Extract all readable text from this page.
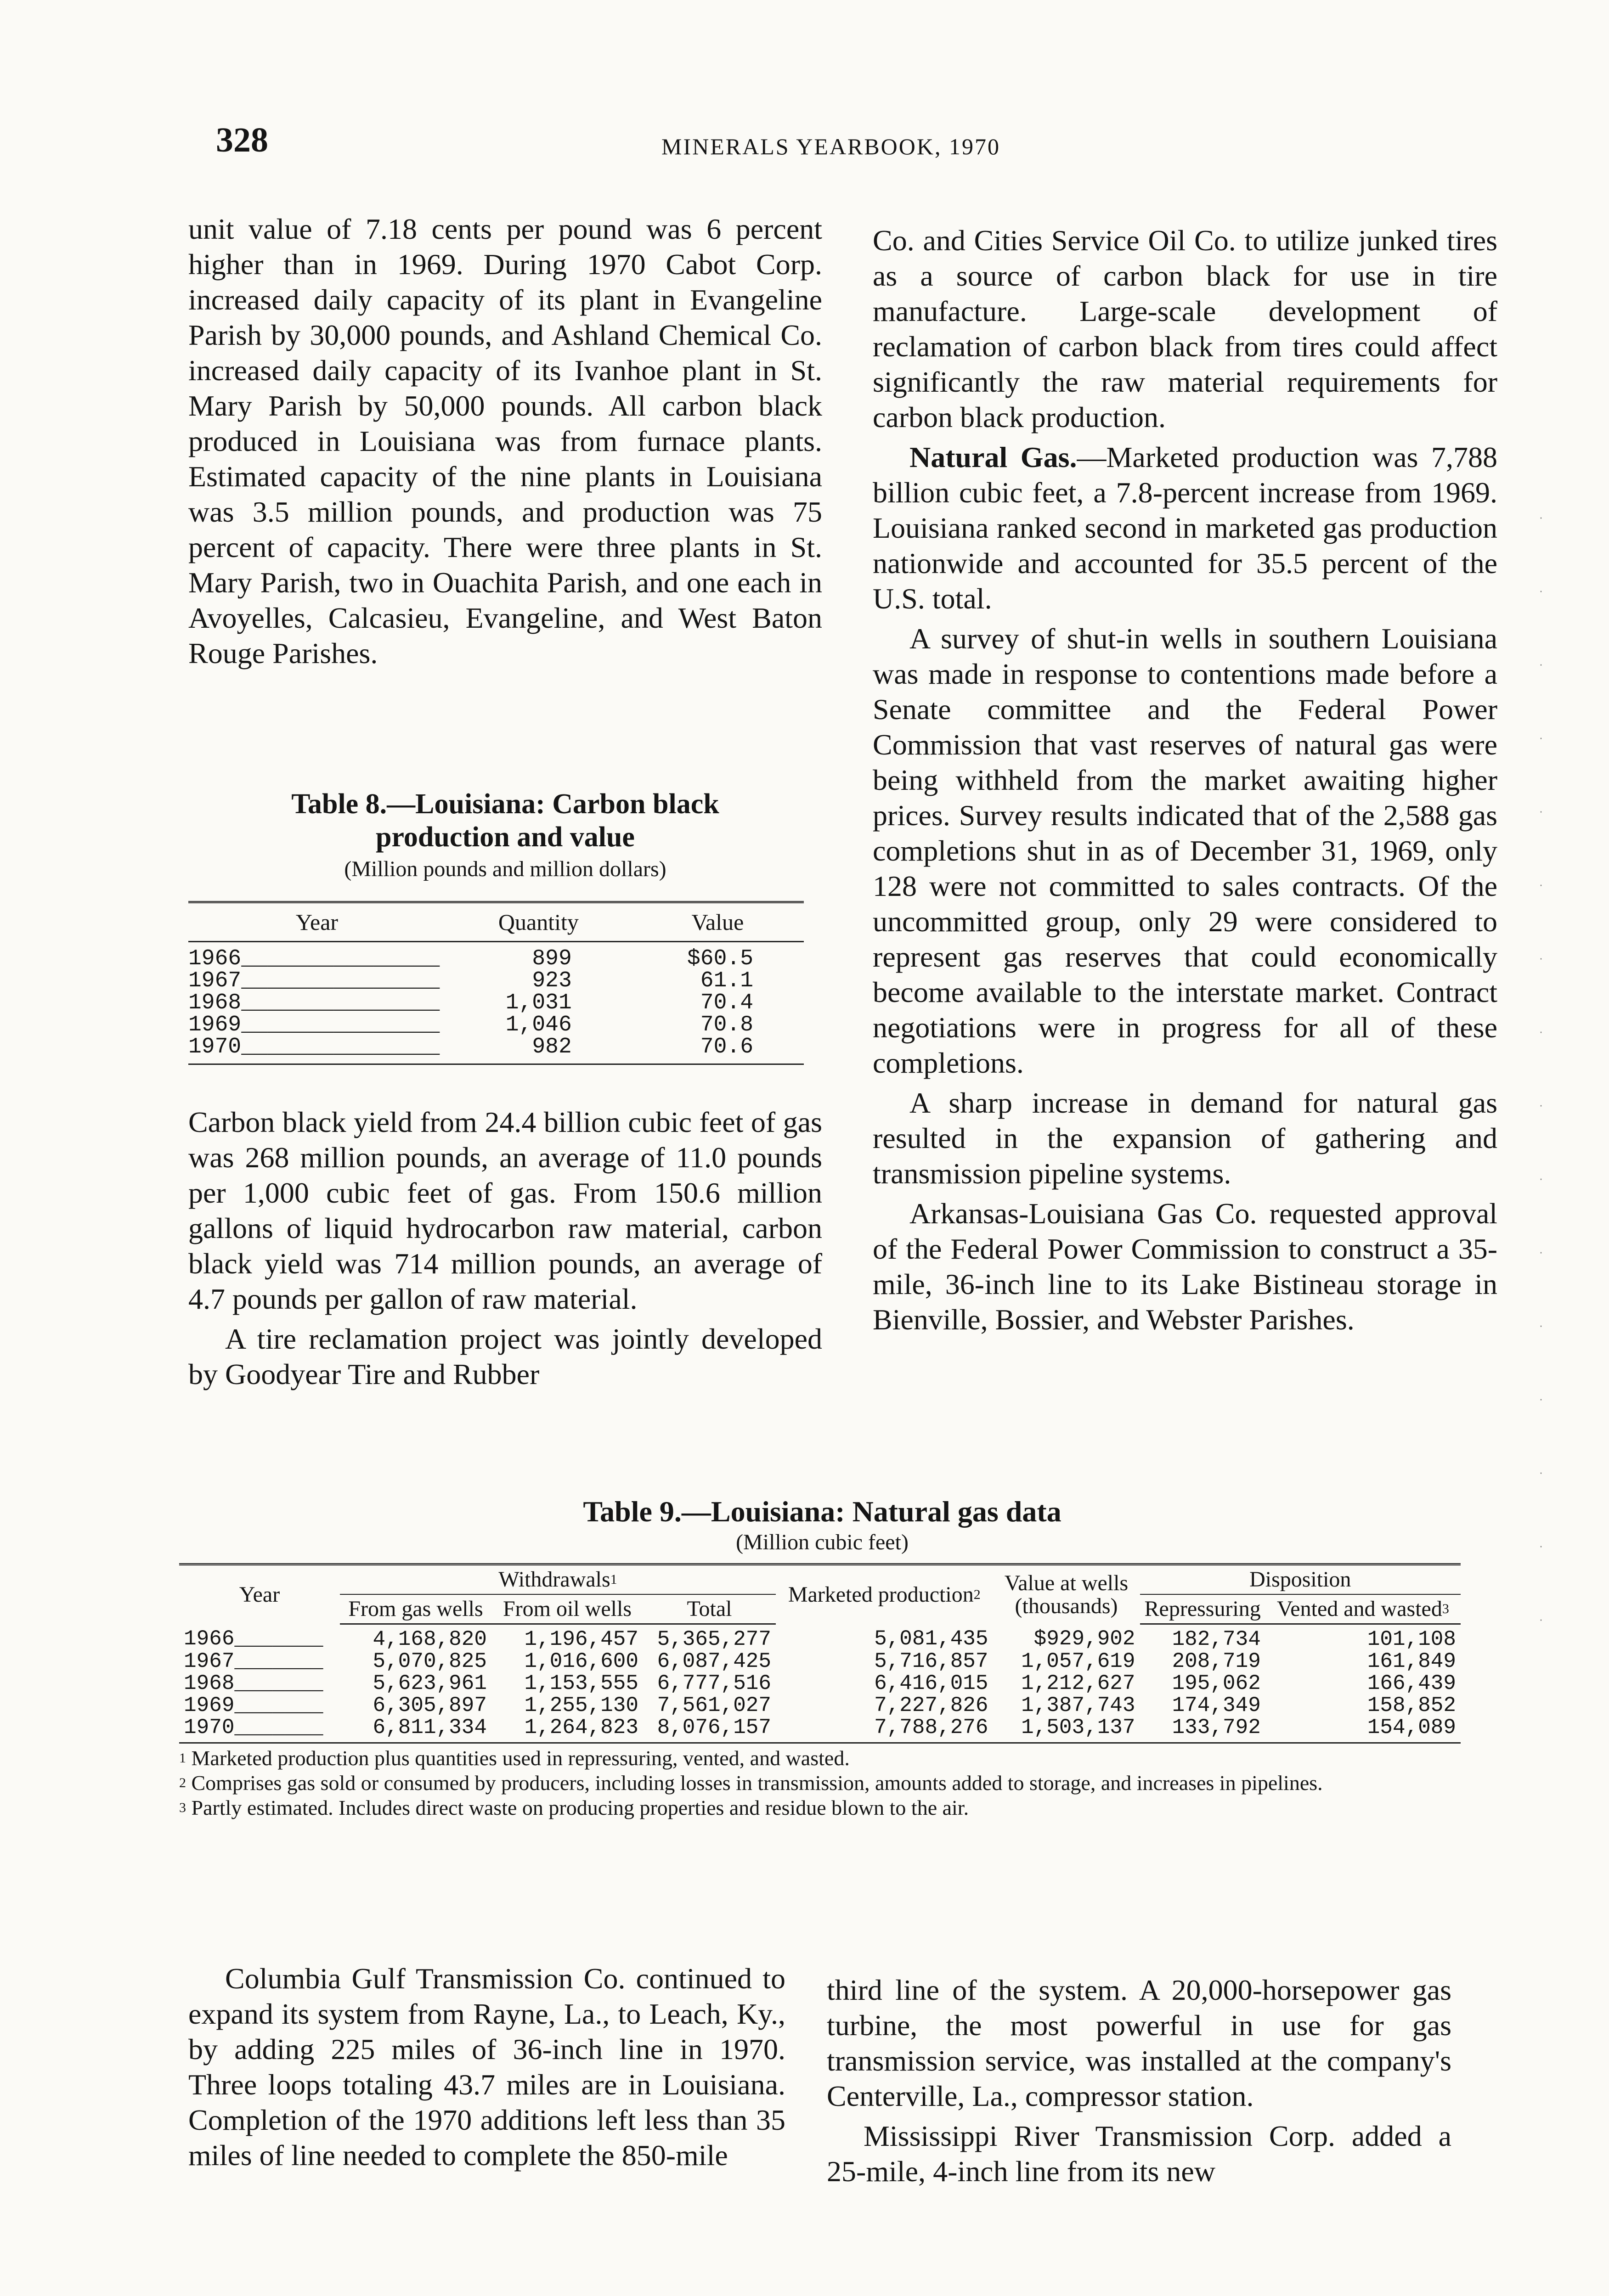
328	MINERALS YEARBOOK, 1970

unit value of 7.18 cents per pound was 6 percent higher than in 1969. During 1970 Cabot Corp. increased daily capacity of its plant in Evangeline Parish by 30,000 pounds, and Ashland Chemical Co. increased daily capacity of its Ivanhoe plant in St. Mary Parish by 50,000 pounds. All carbon black produced in Louisiana was from furnace plants. Estimated capacity of the nine plants in Louisiana was 3.5 million pounds, and production was 75 percent of capacity. There were three plants in St. Mary Parish, two in Ouachita Parish, and one each in Avoyelles, Calcasieu, Evangeline, and West Baton Rouge Parishes.

Table 8.—Louisiana: Carbon black production and value
(Million pounds and million dollars)
Year	Quantity	Value
1966_______________	899	$60.5
1967_______________	923	61.1
1968_______________	1,031	70.4
1969_______________	1,046	70.8
1970_______________	982	70.6

Carbon black yield from 24.4 billion cubic feet of gas was 268 million pounds, an average of 11.0 pounds per 1,000 cubic feet of gas. From 150.6 million gallons of liquid hydrocarbon raw material, carbon black yield was 714 million pounds, an average of 4.7 pounds per gallon of raw material.

A tire reclamation project was jointly developed by Goodyear Tire and Rubber

Co. and Cities Service Oil Co. to utilize junked tires as a source of carbon black for use in tire manufacture. Large-scale development of reclamation of carbon black from tires could affect significantly the raw material requirements for carbon black production.

Natural Gas.—Marketed production was 7,788 billion cubic feet, a 7.8-percent increase from 1969. Louisiana ranked second in marketed gas production nationwide and accounted for 35.5 percent of the U.S. total.

A survey of shut-in wells in southern Louisiana was made in response to contentions made before a Senate committee and the Federal Power Commission that vast reserves of natural gas were being withheld from the market awaiting higher prices. Survey results indicated that of the 2,588 gas completions shut in as of December 31, 1969, only 128 were not committed to sales contracts. Of the uncommitted group, only 29 were considered to represent gas reserves that could economically become available to the interstate market. Contract negotiations were in progress for all of these completions.

A sharp increase in demand for natural gas resulted in the expansion of gathering and transmission pipeline systems.

Arkansas-Louisiana Gas Co. requested approval of the Federal Power Commission to construct a 35-mile, 36-inch line to its Lake Bistineau storage in Bienville, Bossier, and Webster Parishes.

Table 9.—Louisiana: Natural gas data
(Million cubic feet)
Year	Withdrawals$^1$			Marketed production$^2$	Value at wells (thousands)	Disposition	
	From gas wells	From oil wells	Total			Repressuring	Vented and wasted$^3$
1966_______	4,168,820	1,196,457	5,365,277	5,081,435	$929,902	182,734	101,108
1967_______	5,070,825	1,016,600	6,087,425	5,716,857	1,057,619	208,719	161,849
1968_______	5,623,961	1,153,555	6,777,516	6,416,015	1,212,627	195,062	166,439
1969_______	6,305,897	1,255,130	7,561,027	7,227,826	1,387,743	174,349	158,852
1970_______	6,811,334	1,264,823	8,076,157	7,788,276	1,503,137	133,792	154,089

$^1$ Marketed production plus quantities used in repressuring, vented, and wasted.

$^2$ Comprises gas sold or consumed by producers, including losses in transmission, amounts added to storage, and increases in pipelines.

$^3$ Partly estimated. Includes direct waste on producing properties and residue blown to the air.

Columbia Gulf Transmission Co. continued to expand its system from Rayne, La., to Leach, Ky., by adding 225 miles of 36-inch line in 1970. Three loops totaling 43.7 miles are in Louisiana. Completion of the 1970 additions left less than 35 miles of line needed to complete the 850-mile

third line of the system. A 20,000-horsepower gas turbine, the most powerful in use for gas transmission service, was installed at the company's Centerville, La., compressor station.

Mississippi River Transmission Corp. added a 25-mile, 4-inch line from its new

·
·
·
·
·
·
·
·
·
·
·
·
·
·
·
·
